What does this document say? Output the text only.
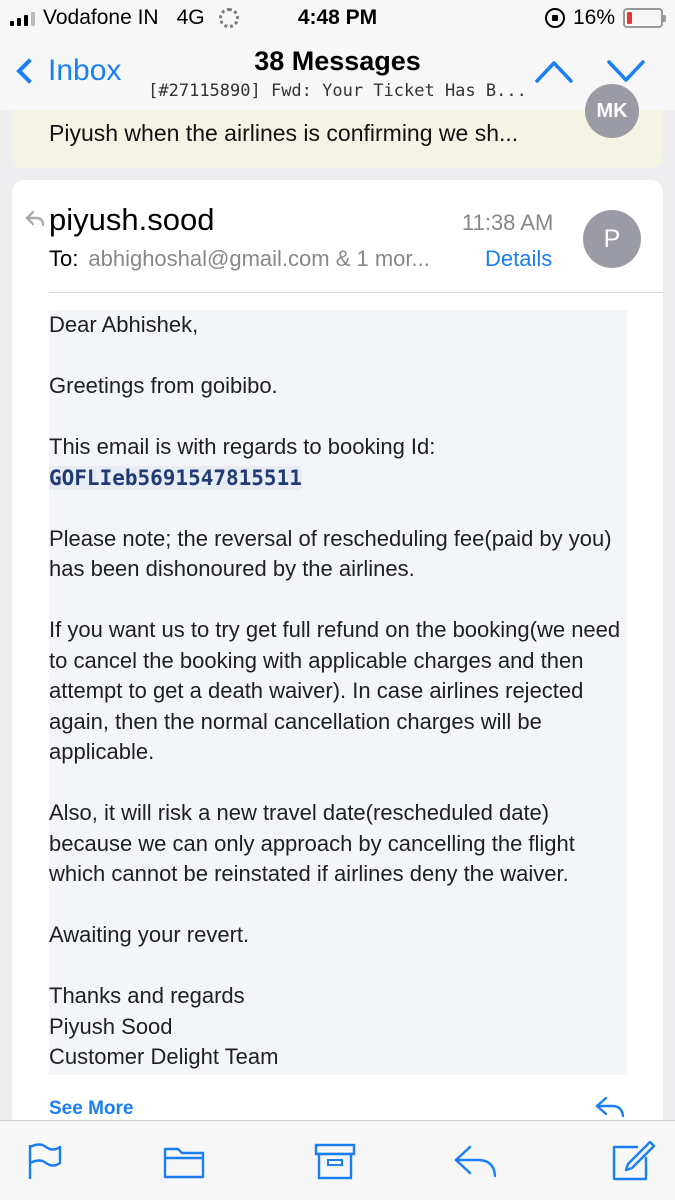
Vodafone IN 4G	4:48 PM	16%
Inbox	38 Messages
[#27115890] Fwd: Your Ticket Has B...
Piyush when the airlines is confirming we sh...
MK
piyush.sood	11:38 AM
P
To: abhighoshal@gmail.com & 1 mor...	Details

Dear Abhishek,

Greetings from goibibo.

This email is with regards to booking Id:

GOFLIeb5691547815511

Please note; the reversal of rescheduling fee(paid by you) has been dishonoured by the airlines.

If you want us to try get full refund on the booking(we need to cancel the booking with applicable charges and then attempt to get a death waiver). In case airlines rejected again, then the normal cancellation charges will be applicable.

Also, it will risk a new travel date(rescheduled date) because we can only approach by cancelling the flight which cannot be reinstated if airlines deny the waiver.

Awaiting your revert.

Thanks and regards

Piyush Sood

Customer Delight Team

See More
